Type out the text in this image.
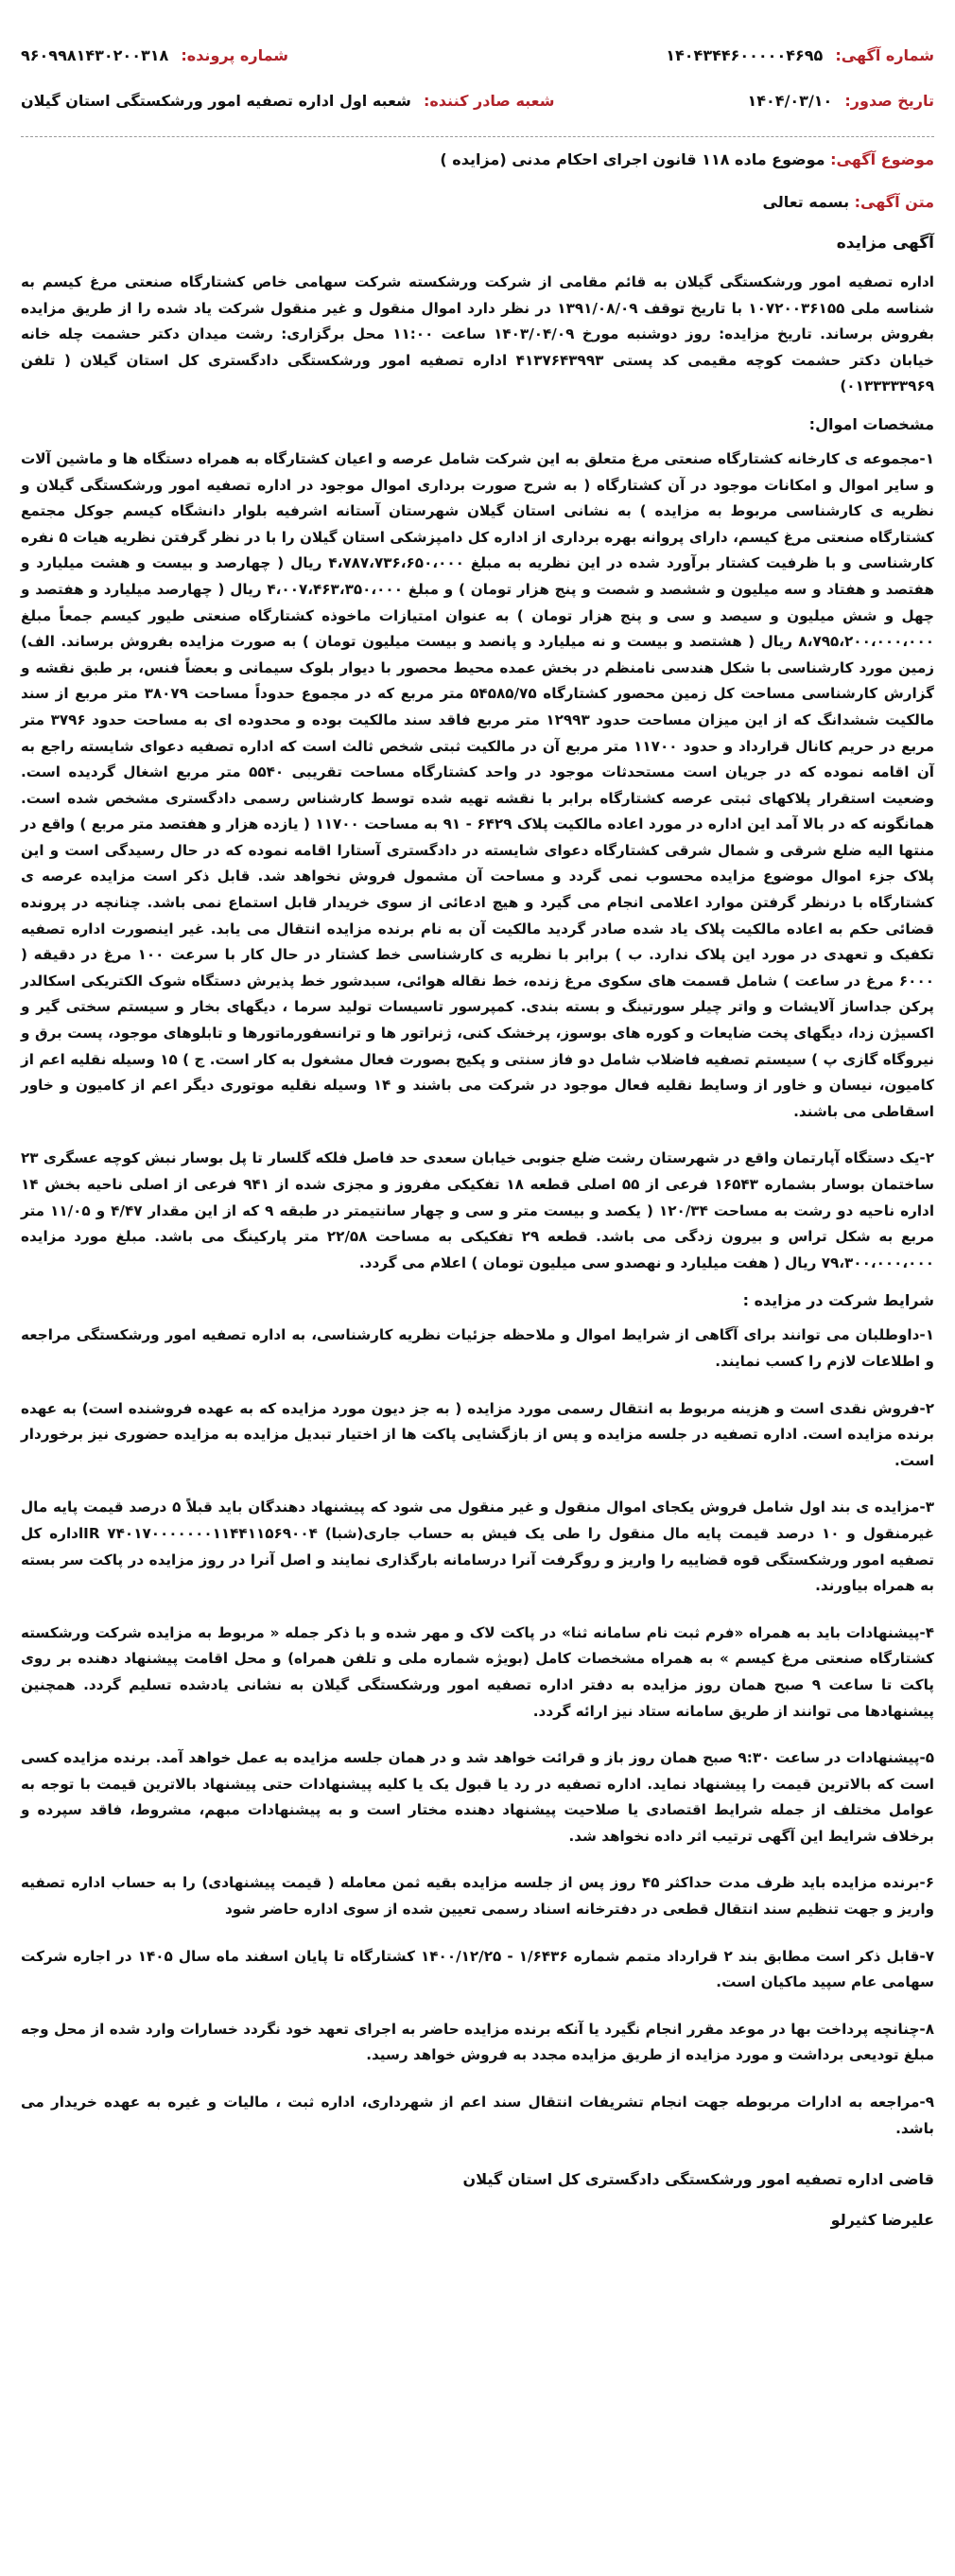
شماره آگهی: ۱۴۰۴۳۴۴۶۰۰۰۰۰۴۶۹۵
شماره پرونده: ۹۶۰۹۹۸۱۴۳۰۲۰۰۳۱۸
تاریخ صدور: ۱۴۰۴/۰۳/۱۰
شعبه صادر کننده: شعبه اول اداره تصفیه امور ورشکستگی استان گیلان
موضوع آگهی: موضوع ماده ۱۱۸ قانون اجرای احکام مدنی (مزایده )
متن آگهی: بسمه تعالی
آگهی مزایده

اداره تصفیه امور ورشکستگی گیلان به قائم مقامی از شرکت ورشکسته شرکت سهامی خاص کشتارگاه صنعتی مرغ کیسم به شناسه ملی ۱۰۷۲۰۰۳۶۱۵۵ با تاریخ توقف ۱۳۹۱/۰۸/۰۹ در نظر دارد اموال منقول و غیر منقول شرکت یاد شده را از طریق مزایده بفروش برساند. تاریخ مزایده: روز دوشنبه مورخ ۱۴۰۳/۰۴/۰۹ ساعت ۱۱:۰۰ محل برگزاری: رشت میدان دکتر حشمت چله خانه خیابان دکتر حشمت کوچه مقیمی کد پستی ۴۱۳۷۶۴۳۹۹۳ اداره تصفیه امور ورشکستگی دادگستری کل استان گیلان ( تلفن ۰۱۳۳۳۳۳۹۶۹)

مشخصات اموال:

۱-مجموعه ی کارخانه کشتارگاه صنعتی مرغ متعلق به این شرکت شامل عرصه و اعیان کشتارگاه به همراه دستگاه ها و ماشین آلات و سایر اموال و امکانات موجود در آن کشتارگاه ( به شرح صورت برداری اموال موجود در اداره تصفیه امور ورشکستگی گیلان و نظریه ی کارشناسی مربوط به مزایده ) به نشانی استان گیلان شهرستان آستانه اشرفیه بلوار دانشگاه کیسم جوکل مجتمع کشتارگاه صنعتی مرغ کیسم، دارای پروانه بهره برداری از اداره کل دامپزشکی استان گیلان را با در نظر گرفتن نظریه هیات ۵ نفره کارشناسی و با ظرفیت کشتار برآورد شده در این نظریه به مبلغ ۴،۷۸۷،۷۳۶،۶۵۰،۰۰۰ ریال ( چهارصد و بیست و هشت میلیارد و هفتصد و هفتاد و سه میلیون و ششصد و شصت و پنج هزار تومان ) و مبلغ ۴،۰۰۷،۴۶۳،۳۵۰،۰۰۰ ریال ( چهارصد میلیارد و هفتصد و چهل و شش میلیون و سیصد و سی و پنج هزار تومان ) به عنوان امتیازات ماخوذه کشتارگاه صنعتی طیور کیسم جمعاً مبلغ ۸،۷۹۵،۲۰۰،۰۰۰،۰۰۰ ریال ( هشتصد و بیست و نه میلیارد و پانصد و بیست میلیون تومان ) به صورت مزایده بفروش برساند. الف) زمین مورد کارشناسی با شکل هندسی نامنظم در بخش عمده محیط محصور با دیوار بلوک سیمانی و بعضاً فنس، بر طبق نقشه و گزارش کارشناسی مساحت کل زمین محصور کشتارگاه ۵۴۵۸۵/۷۵ متر مربع که در مجموع حدوداً مساحت ۳۸۰۷۹ متر مربع از سند مالکیت ششدانگ که از این میزان مساحت حدود ۱۲۹۹۳ متر مربع فاقد سند مالکیت بوده و محدوده ای به مساحت حدود ۳۷۹۶ متر مربع در حریم کانال قرارداد و حدود ۱۱۷۰۰ متر مربع آن در مالکیت ثبتی شخص ثالث است که اداره تصفیه دعوای شایسته راجع به آن اقامه نموده که در جریان است مستحدثات موجود در واحد کشتارگاه مساحت تقریبی ۵۵۴۰ متر مربع اشغال گردیده است. وضعیت استقرار پلاکهای ثبتی عرصه کشتارگاه برابر با نقشه تهیه شده توسط کارشناس رسمی دادگستری مشخص شده است. همانگونه که در بالا آمد این اداره در مورد اعاده مالکیت پلاک ۶۴۲۹ - ۹۱ به مساحت ۱۱۷۰۰ ( یازده هزار و هفتصد متر مربع ) واقع در منتها الیه ضلع شرقی و شمال شرقی کشتارگاه دعوای شایسته در دادگستری آستارا اقامه نموده که در حال رسیدگی است و این پلاک جزء اموال موضوع مزایده محسوب نمی گردد و مساحت آن مشمول فروش نخواهد شد. قابل ذکر است مزایده عرصه ی کشتارگاه با درنظر گرفتن موارد اعلامی انجام می گیرد و هیچ ادعائی از سوی خریدار قابل استماع نمی باشد. چنانچه در پرونده قضائی حکم به اعاده مالکیت پلاک یاد شده صادر گردید مالکیت آن به نام برنده مزایده انتقال می یابد. غیر اینصورت اداره تصفیه تکفیک و تعهدی در مورد این پلاک ندارد. ب ) برابر با نظریه ی کارشناسی خط کشتار در حال کار با سرعت ۱۰۰ مرغ در دقیقه ( ۶۰۰۰ مرغ در ساعت ) شامل قسمت های سکوی مرغ زنده، خط نقاله هوائی، سبدشور خط پذیرش دستگاه شوک الکتریکی اسکالدر پرکن جداساز آلایشات و واتر چیلر سورتینگ و بسته بندی. کمپرسور تاسیسات تولید سرما ، دیگهای بخار و سیستم سختی گیر و اکسیژن زدا، دیگهای پخت ضایعات و کوره های بوسوز، پرخشک کنی، ژنراتور ها و ترانسفورماتورها و تابلوهای موجود، پست برق و نیروگاه گازی پ ) سیستم تصفیه فاضلاب شامل دو فاز سنتی و پکیج بصورت فعال مشغول به کار است. ج ) ۱۵ وسیله نقلیه اعم از کامیون، نیسان و خاور از وسایط نقلیه فعال موجود در شرکت می باشند و ۱۴ وسیله نقلیه موتوری دیگر اعم از کامیون و خاور اسقاطی می باشند.

۲-یک دستگاه آپارتمان واقع در شهرستان رشت ضلع جنوبی خیابان سعدی حد فاصل فلکه گلسار تا پل بوسار نبش کوچه عسگری ۲۳ ساختمان بوسار بشماره ۱۶۵۴۳ فرعی از ۵۵ اصلی قطعه ۱۸ تفکیکی مفروز و مجزی شده از ۹۴۱ فرعی از اصلی ناحیه بخش ۱۴ اداره ناحیه دو رشت به مساحت ۱۲۰/۳۴ ( یکصد و بیست متر و سی و چهار سانتیمتر در طبقه ۹ که از این مقدار ۴/۴۷ و ۱۱/۰۵ متر مربع به شکل تراس و بیرون زدگی می باشد. قطعه ۲۹ تفکیکی به مساحت ۲۲/۵۸ متر پارکینگ می باشد. مبلغ مورد مزایده ۷۹،۳۰۰،۰۰۰،۰۰۰ ریال ( هفت میلیارد و نهصدو سی میلیون تومان ) اعلام می گردد.

شرایط شرکت در مزایده :

۱-داوطلبان می توانند برای آگاهی از شرایط اموال و ملاحظه جزئیات نظریه کارشناسی، به اداره تصفیه امور ورشکستگی مراجعه و اطلاعات لازم را کسب نمایند.

۲-فروش نقدی است و هزینه مربوط به انتقال رسمی مورد مزایده ( به جز دیون مورد مزایده که به عهده فروشنده است) به عهده برنده مزایده است. اداره تصفیه در جلسه مزایده و پس از بازگشایی پاکت ها از اختیار تبدیل مزایده به مزایده حضوری نیز برخوردار است.

۳-مزایده ی بند اول شامل فروش یکجای اموال منقول و غیر منقول می شود که پیشنهاد دهندگان باید قبلاً ۵ درصد قیمت پایه مال غیرمنقول و ۱۰ درصد قیمت پایه مال منقول را طی یک فیش به حساب جاری(شبا) ۷۴۰۱۷۰۰۰۰۰۰۰۱۱۴۴۱۱۵۶۹۰۰۴ IRاداره کل تصفیه امور ورشکستگی قوه قضاییه را واریز و روگرفت آنرا درسامانه بارگذاری نمایند و اصل آنرا در روز مزایده در پاکت سر بسته به همراه بیاورند.

۴-پیشنهادات باید به همراه «فرم ثبت نام سامانه ثنا» در پاکت لاک و مهر شده و با ذکر جمله « مربوط به مزایده شرکت ورشکسته کشتارگاه صنعتی مرغ کیسم » به همراه مشخصات کامل (بویژه شماره ملی و تلفن همراه) و محل اقامت پیشنهاد دهنده بر روی پاکت تا ساعت ۹ صبح همان روز مزایده به دفتر اداره تصفیه امور ورشکستگی گیلان به نشانی یادشده تسلیم گردد. همچنین پیشنهادها می توانند از طریق سامانه ستاد نیز ارائه گردد.

۵-پیشنهادات در ساعت ۹:۳۰ صبح همان روز باز و قرائت خواهد شد و در همان جلسه مزایده به عمل خواهد آمد. برنده مزایده کسی است که بالاترین قیمت را پیشنهاد نماید. اداره تصفیه در رد یا قبول یک یا کلیه پیشنهادات حتی پیشنهاد بالاترین قیمت با توجه به عوامل مختلف از جمله شرایط اقتصادی یا صلاحیت پیشنهاد دهنده مختار است و به پیشنهادات مبهم، مشروط، فاقد سپرده و برخلاف شرایط این آگهی ترتیب اثر داده نخواهد شد.

۶-برنده مزایده باید ظرف مدت حداکثر ۴۵ روز پس از جلسه مزایده بقیه ثمن معامله ( قیمت پیشنهادی) را به حساب اداره تصفیه واریز و جهت تنظیم سند انتقال قطعی در دفترخانه اسناد رسمی تعیین شده از سوی اداره حاضر شود

۷-قابل ذکر است مطابق بند ۲ قرارداد متمم شماره ۱/۶۴۳۶ - ۱۴۰۰/۱۲/۲۵ کشتارگاه تا پایان اسفند ماه سال ۱۴۰۵ در اجاره شرکت سهامی عام سپید ماکیان است.

۸-چنانچه پرداخت بها در موعد مقرر انجام نگیرد یا آنکه برنده مزایده حاضر به اجرای تعهد خود نگردد خسارات وارد شده از محل وجه مبلغ تودیعی برداشت و مورد مزایده از طریق مزایده مجدد به فروش خواهد رسید.

۹-مراجعه به ادارات مربوطه جهت انجام تشریفات انتقال سند اعم از شهرداری، اداره ثبت ، مالیات و غیره به عهده خریدار می باشد.

قاضی اداره تصفیه امور ورشکستگی دادگستری کل استان گیلان
علیرضا کثیرلو
